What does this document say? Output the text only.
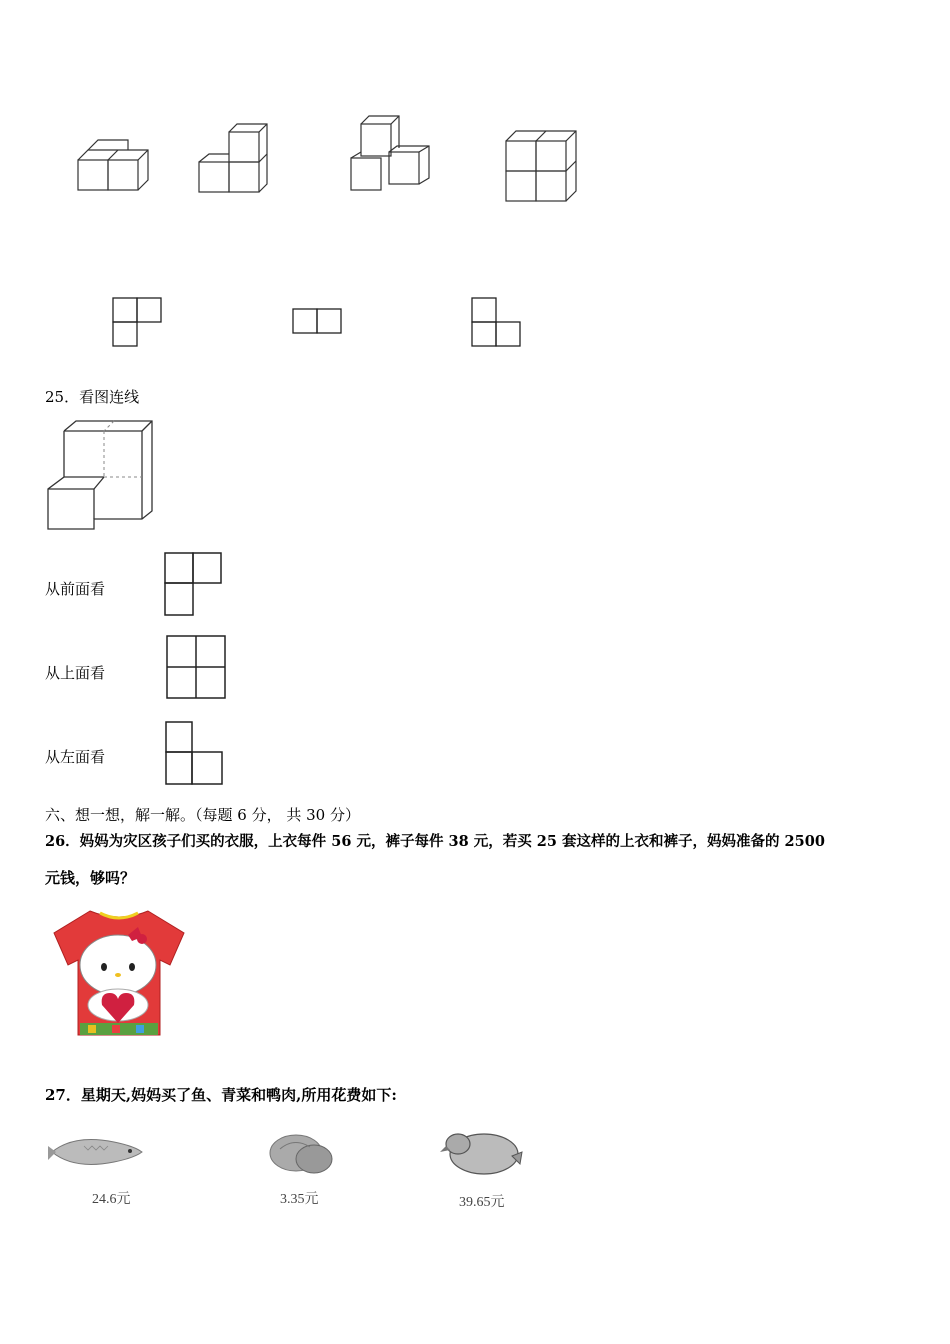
25．看图连线
从前面看
从上面看
从左面看
六、想一想，解一解。（每题 6 分， 共 30 分）
26．妈妈为灾区孩子们买的衣服，上衣每件 56 元，裤子每件 38 元，若买 25 套这样的上衣和裤子，妈妈准备的 2500
元钱，够吗？
27．星期天,妈妈买了鱼、青菜和鸭肉,所用花费如下:
24.6元	3.35元	39.65元
